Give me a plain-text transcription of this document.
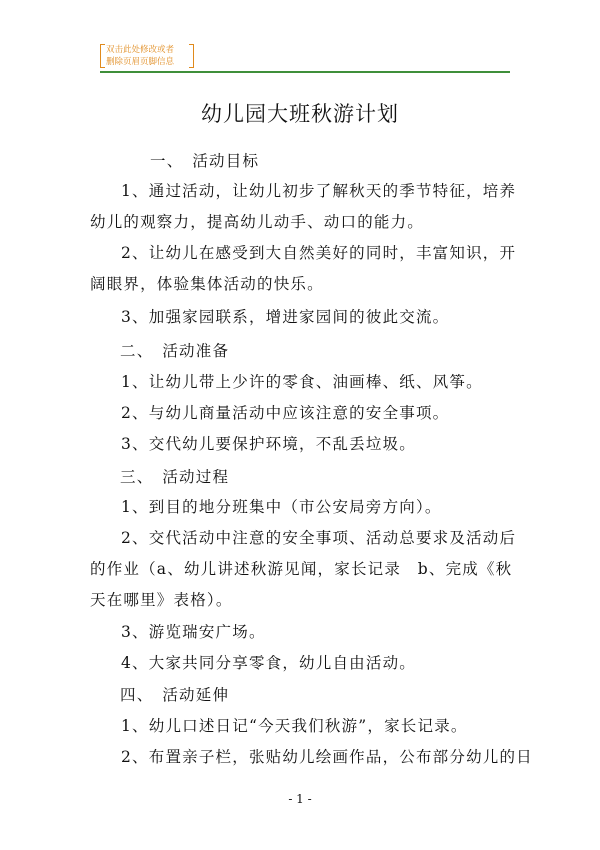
双击此处修改或者
删除页眉页脚信息
幼儿园大班秋游计划
一、　活动目标
1、通过活动，让幼儿初步了解秋天的季节特征，培养幼儿的观察力，提高幼儿动手、动口的能力。
2、让幼儿在感受到大自然美好的同时，丰富知识，开阔眼界，体验集体活动的快乐。
3、加强家园联系，增进家园间的彼此交流。
二、　活动准备
1、让幼儿带上少许的零食、油画棒、纸、风筝。
2、与幼儿商量活动中应该注意的安全事项。
3、交代幼儿要保护环境，不乱丢垃圾。
三、　活动过程
1、到目的地分班集中（市公安局旁方向）。
2、交代活动中注意的安全事项、活动总要求及活动后的作业（a、幼儿讲述秋游见闻，家长记录　b、完成《秋天在哪里》表格）。
3、游览瑞安广场。
4、大家共同分享零食，幼儿自由活动。
四、　活动延伸
1、幼儿口述日记“今天我们秋游”，家长记录。
2、布置亲子栏，张贴幼儿绘画作品，公布部分幼儿的日
- 1 -
